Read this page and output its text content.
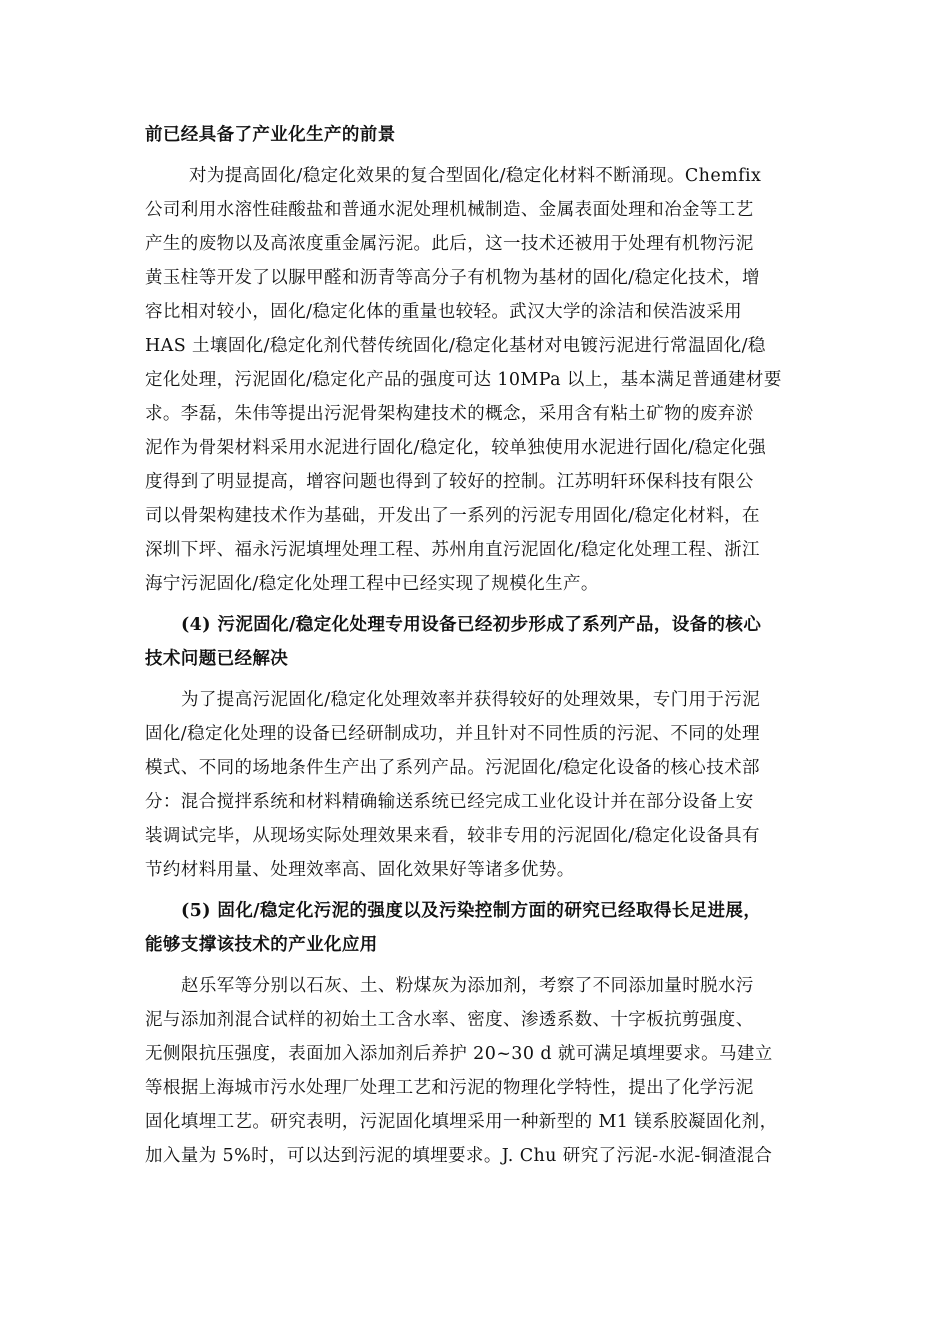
前已经具备了产业化生产的前景
对为提高固化/稳定化效果的复合型固化/稳定化材料不断涌现。Chemfix
公司利用水溶性硅酸盐和普通水泥处理机械制造、金属表面处理和冶金等工艺
产生的废物以及高浓度重金属污泥。此后，这一技术还被用于处理有机物污泥
黄玉柱等开发了以脲甲醛和沥青等高分子有机物为基材的固化/稳定化技术，增
容比相对较小，固化/稳定化体的重量也较轻。武汉大学的涂洁和侯浩波采用
HAS 土壤固化/稳定化剂代替传统固化/稳定化基材对电镀污泥进行常温固化/稳
定化处理，污泥固化/稳定化产品的强度可达 10MPa 以上，基本满足普通建材要
求。李磊，朱伟等提出污泥骨架构建技术的概念，采用含有粘土矿物的废弃淤
泥作为骨架材料采用水泥进行固化/稳定化，较单独使用水泥进行固化/稳定化强
度得到了明显提高，增容问题也得到了较好的控制。江苏明轩环保科技有限公
司以骨架构建技术作为基础，开发出了一系列的污泥专用固化/稳定化材料，在
深圳下坪、福永污泥填埋处理工程、苏州甪直污泥固化/稳定化处理工程、浙江
海宁污泥固化/稳定化处理工程中已经实现了规模化生产。
(4) 污泥固化/稳定化处理专用设备已经初步形成了系列产品，设备的核心
技术问题已经解决
为了提高污泥固化/稳定化处理效率并获得较好的处理效果，专门用于污泥
固化/稳定化处理的设备已经研制成功，并且针对不同性质的污泥、不同的处理
模式、不同的场地条件生产出了系列产品。污泥固化/稳定化设备的核心技术部
分：混合搅拌系统和材料精确输送系统已经完成工业化设计并在部分设备上安
装调试完毕，从现场实际处理效果来看，较非专用的污泥固化/稳定化设备具有
节约材料用量、处理效率高、固化效果好等诸多优势。
(5) 固化/稳定化污泥的强度以及污染控制方面的研究已经取得长足进展，
能够支撑该技术的产业化应用
赵乐军等分别以石灰、土、粉煤灰为添加剂，考察了不同添加量时脱水污
泥与添加剂混合试样的初始土工含水率、密度、渗透系数、十字板抗剪强度、
无侧限抗压强度，表面加入添加剂后养护 20~30 d 就可满足填埋要求。马建立
等根据上海城市污水处理厂处理工艺和污泥的物理化学特性，提出了化学污泥
固化填埋工艺。研究表明，污泥固化填埋采用一种新型的 M1 镁系胶凝固化剂，
加入量为 5%时，可以达到污泥的填埋要求。J. Chu 研究了污泥-水泥-铜渣混合
